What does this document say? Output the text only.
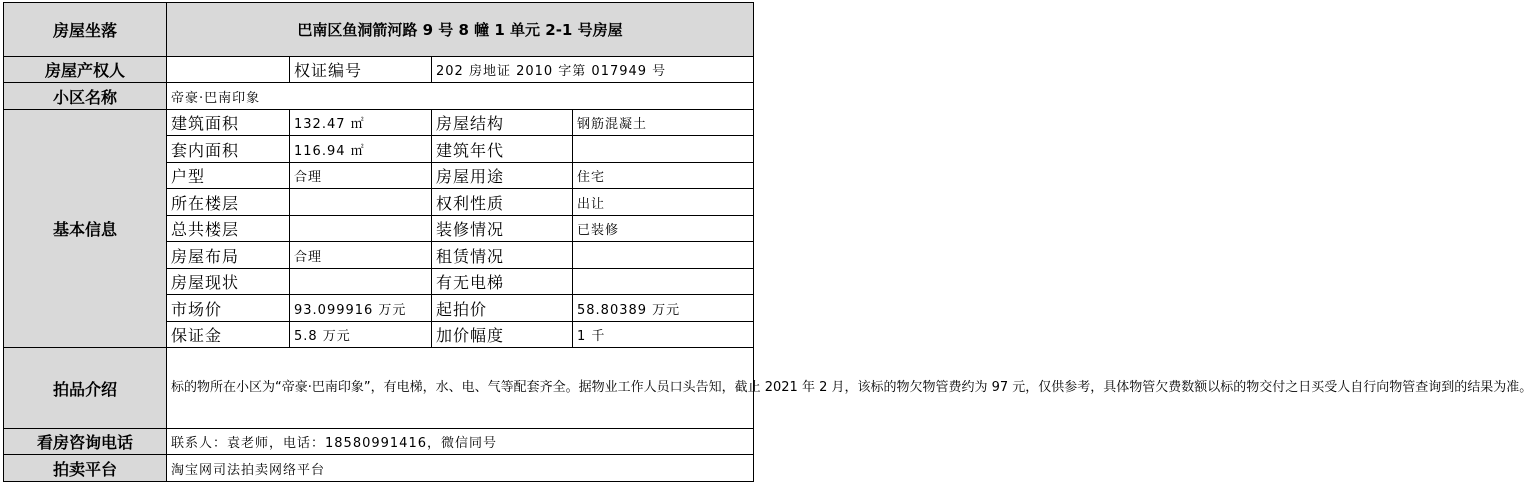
房屋坐落	巴南区鱼洞箭河路 9 号 8 幢 1 单元 2-1 号房屋			
房屋产权人		权证编号	202 房地证 2010 字第 017949 号	
小区名称	帝豪·巴南印象			
基本信息	建筑面积	132.47 ㎡	房屋结构	钢筋混凝土
	套内面积	116.94 ㎡	建筑年代	
	户型	合理	房屋用途	住宅
	所在楼层		权利性质	出让
	总共楼层		装修情况	已装修
	房屋布局	合理	租赁情况	
	房屋现状		有无电梯	
	市场价	93.099916 万元	起拍价	58.80389 万元
	保证金	5.8 万元	加价幅度	1 千
拍品介绍	标的物所在小区为“帝豪·巴南印象”，有电梯，水、电、气等配套齐全。据物业工作人员口头告知，截止 2021 年 2 月，该标的物欠物管费约为 97 元，仅供参考，具体物管欠费数额以标的物交付之日买受人自行向物管查询到的结果为准。			

看房咨询电话	联系人：袁老师，电话：18580991416，微信同号			
拍卖平台	淘宝网司法拍卖网络平台			
